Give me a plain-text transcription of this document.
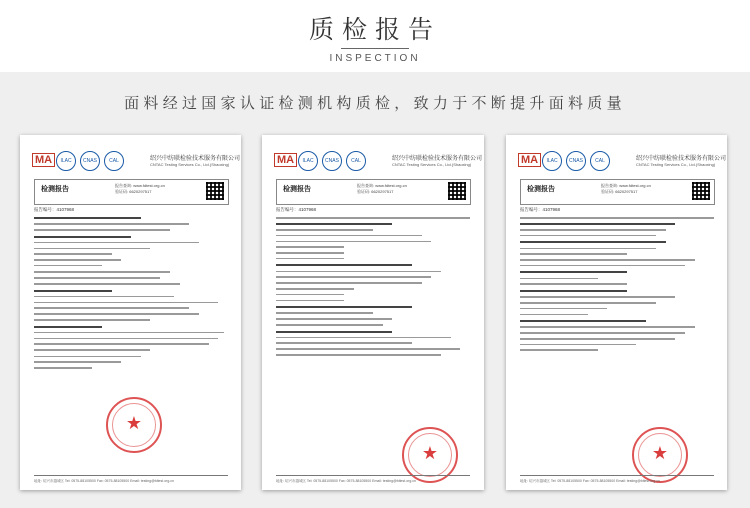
质检报告
INSPECTION
面料经过国家认证检测机构质检，致力于不断提升面料质量
MA	ILAC	CNAS	CAL	绍兴中纺联检验技术服务有限公司
CNTAC Testing Services Co., Ltd.(Shaoxing)
检测报告	报告查询: www.fdtest.org.cn
验证码: 6620297517
报告编号：4107968
★
地址: 绍兴市越城区 Tel: 0575-88105500 Fax: 0575-88105500 Email: testing@fdtest.org.cn
MA	ILAC	CNAS	CAL	绍兴中纺联检验技术服务有限公司
CNTAC Testing Services Co., Ltd.(Shaoxing)
检测报告	报告查询: www.fdtest.org.cn
验证码: 6620297517
报告编号：4107968
★
地址: 绍兴市越城区 Tel: 0575-88105500 Fax: 0575-88105500 Email: testing@fdtest.org.cn
MA	ILAC	CNAS	CAL	绍兴中纺联检验技术服务有限公司
CNTAC Testing Services Co., Ltd.(Shaoxing)
检测报告	报告查询: www.fdtest.org.cn
验证码: 6620297517
报告编号：4107968
★
地址: 绍兴市越城区 Tel: 0575-88105500 Fax: 0575-88105500 Email: testing@fdtest.org.cn
